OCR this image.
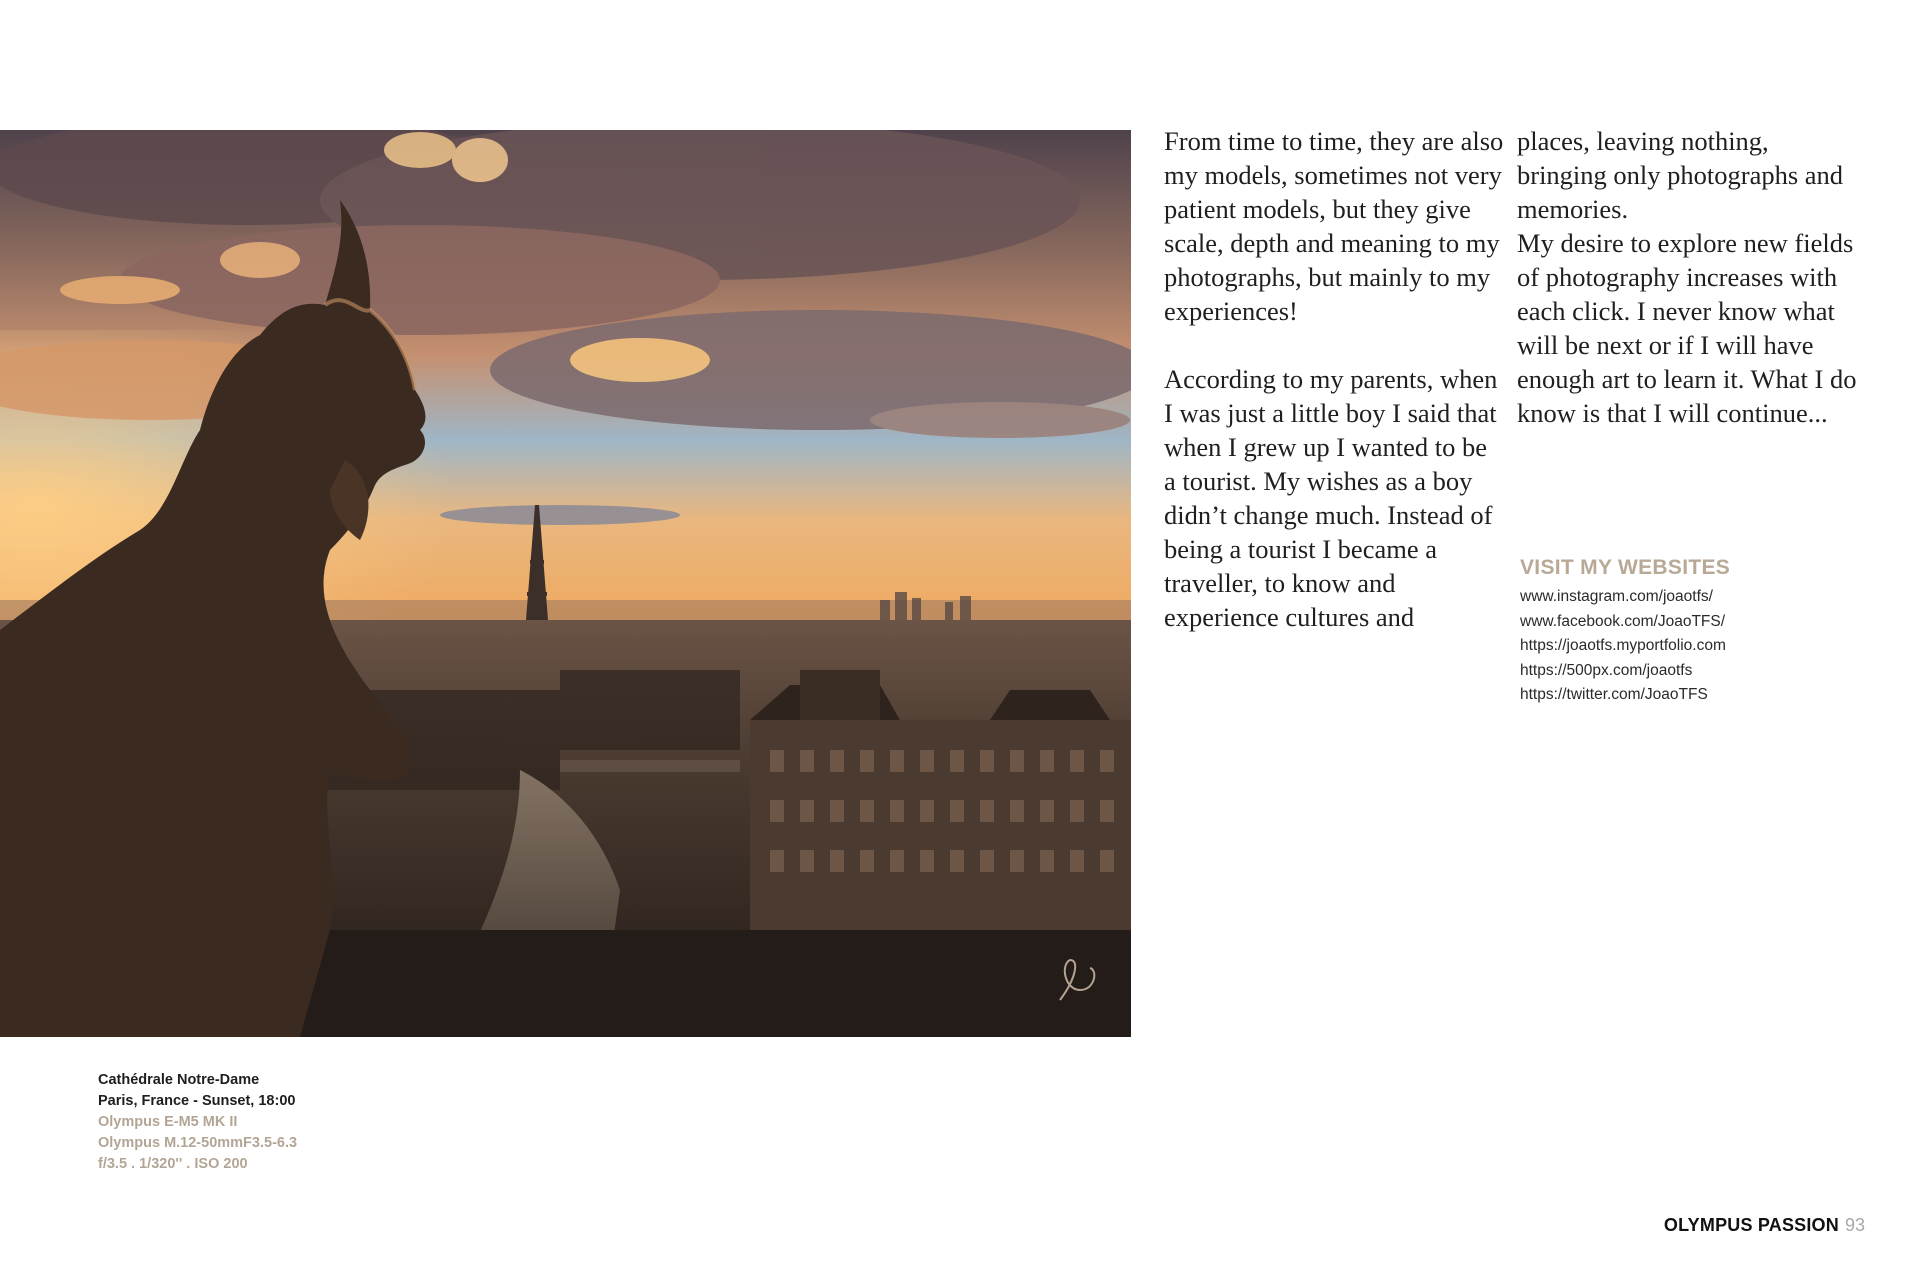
Cathédrale Notre-Dame
Paris, France - Sunset, 18:00
Olympus E-M5 MK II
Olympus M.12-50mmF3.5-6.3
f/3.5 . 1/320'' . ISO 200

From time to time, they are also my models, sometimes not very patient models, but they give scale, depth and meaning to my photographs, but mainly to my experiences!

According to my parents, when I was just a little boy I said that when I grew up I wanted to be a tourist. My wishes as a boy didn’t change much. Instead of being a tourist I became a traveller, to know and experience cultures and

places, leaving nothing, bringing only photographs and memories.

My desire to explore new fields of photography increases with each click. I never know what will be next or if I will have enough art to learn it. What I do know is that I will continue...

VISIT MY WEBSITES
www.instagram.com/joaotfs/
www.facebook.com/JoaoTFS/
https://joaotfs.myportfolio.com
https://500px.com/joaotfs
https://twitter.com/JoaoTFS
OLYMPUS PASSION 93
